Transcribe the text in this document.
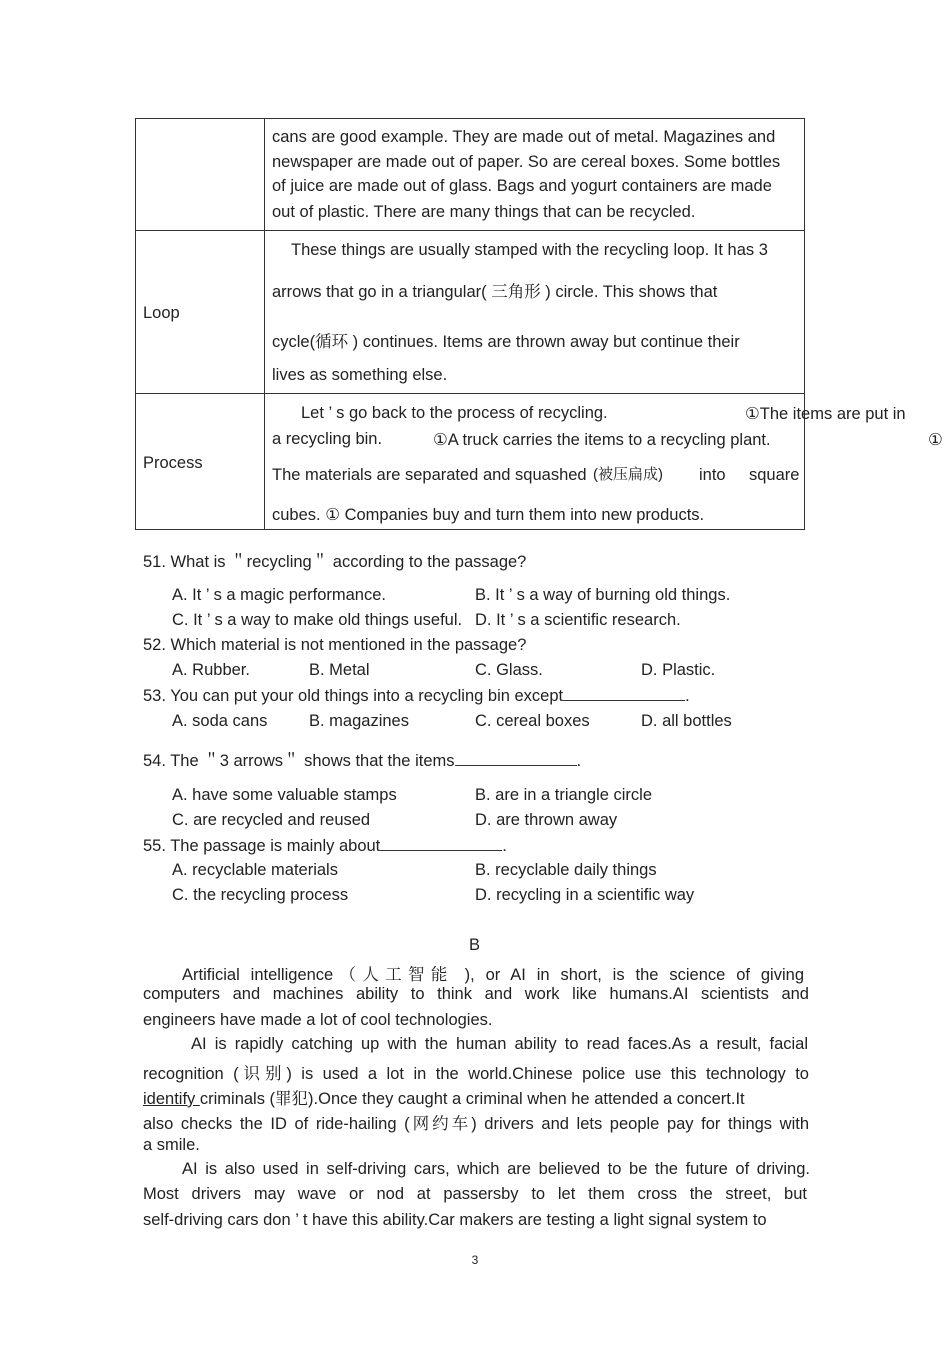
cans are good example. They are made out of metal. Magazines and
newspaper are made out of paper. So are cereal boxes. Some bottles
of juice are made out of glass. Bags and yogurt containers are made
out of plastic. There are many things that can be recycled.
Loop
These things are usually stamped with the recycling loop. It has 3
arrows that go in a triangular( 三角形 ) circle. This shows that
cycle(循环 ) continues. Items are thrown away but continue their
lives as something else.
Process
Let ’ s go back to the process of recycling.	①The items are put in
a recycling bin.	①A truck carries the items to a recycling plant.	①
The materials are separated and squashed (被压扁成) into square
cubes. ① Companies buy and turn them into new products.
51. What is ＂recycling＂ according to the passage?
A. It ’ s a magic performance.	B. It ’ s a way of burning old things.
C. It ’ s a way to make old things useful. D. It ’ s a scientific research.
52. Which material is not mentioned in the passage?
A. Rubber.	B. Metal	C. Glass.	D. Plastic.
53. You can put your old things into a recycling bin except	.
A. soda cans	B. magazines	C. cereal boxes	D. all bottles
54. The ＂3 arrows＂ shows that the items	.
A. have some valuable stamps	B. are in a triangle circle
C. are recycled and reused	D. are thrown away
55. The passage is mainly about	.
A. recyclable materials	B. recyclable daily things
C. the recycling process	D. recycling in a scientific way
B
Artificial intelligence（人工智能 ), or AI in short, is the science of giving
computers and machines ability to think and work like humans.AI scientists and
engineers have made a lot of cool technologies.
AI is rapidly catching up with the human ability to read faces.As a result, facial
recognition (识别) is used a lot in the world.Chinese police use this technology to
identify criminals (罪犯).Once they caught a criminal when he attended a concert.It
also checks the ID of ride-hailing (网约车) drivers and lets people pay for things with
a smile.
AI is also used in self-driving cars, which are believed to be the future of driving.
Most drivers may wave or nod at passersby to let them cross the street, but
self-driving cars don ’ t have this ability.Car makers are testing a light signal system to
3
